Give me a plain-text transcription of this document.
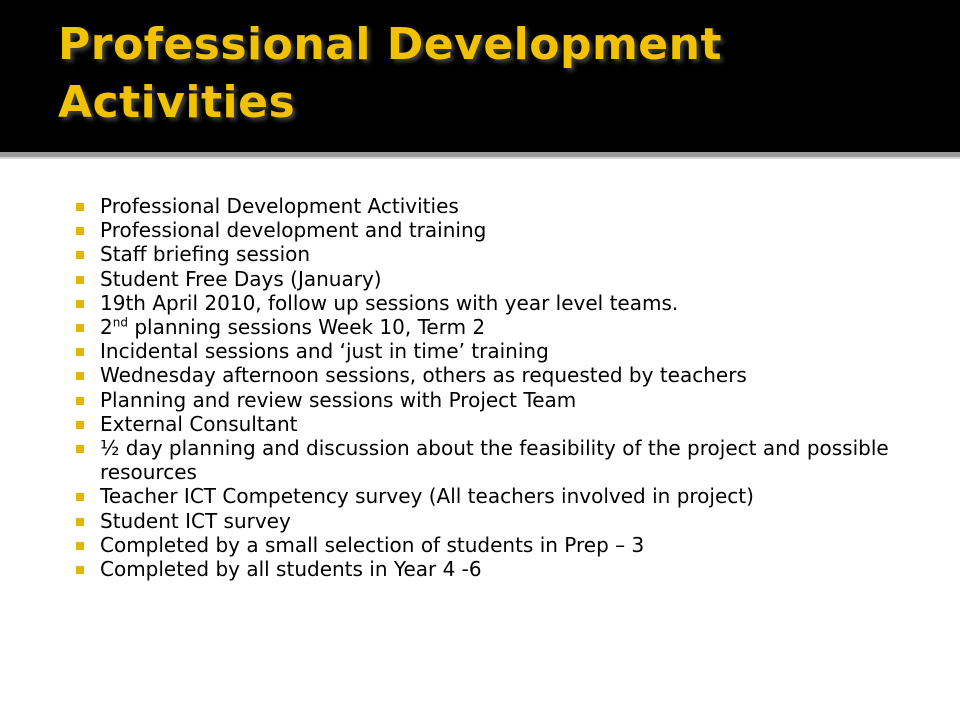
Professional Development
Activities
Professional Development Activities
Professional development and training
Staff briefing session
Student Free Days (January)
19th April 2010, follow up sessions with year level teams.
2nd planning sessions Week 10, Term 2
Incidental sessions and ‘just in time’ training
Wednesday afternoon sessions, others as requested by teachers
Planning and review sessions with Project Team
External Consultant
½ day planning and discussion about the feasibility of the project and possible resources
Teacher ICT Competency survey (All teachers involved in project)
Student ICT survey
Completed by a small selection of students in Prep – 3
Completed by all students in Year 4 -6
